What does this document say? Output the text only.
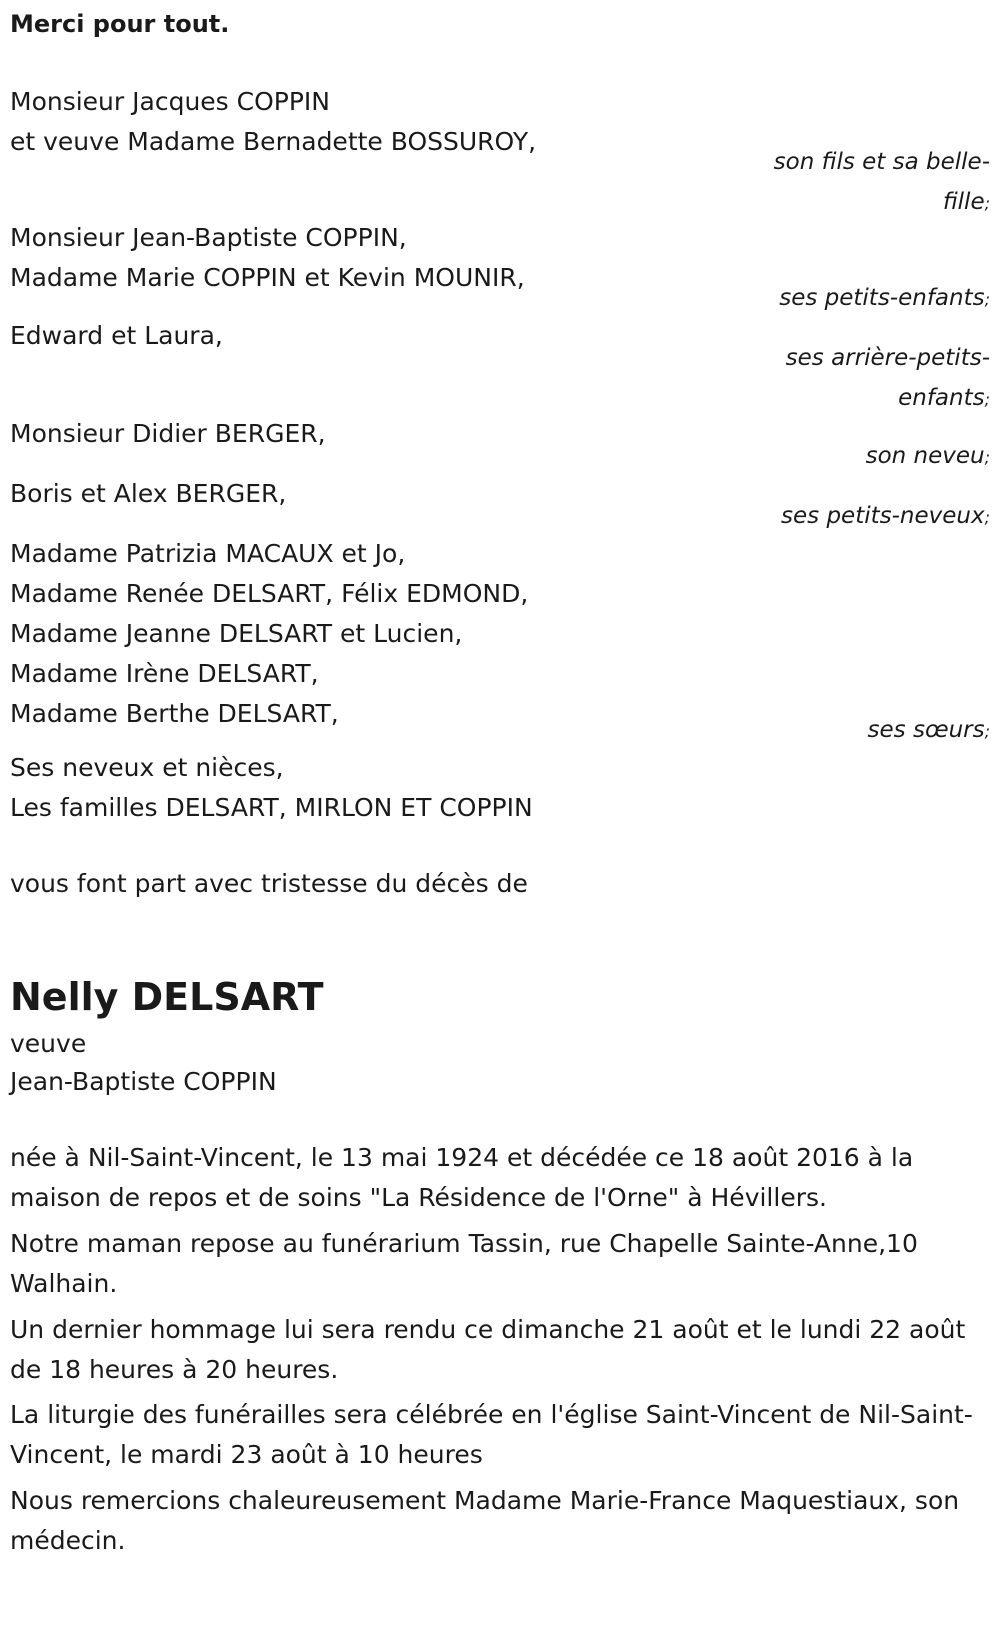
Merci pour tout.
Monsieur Jacques COPPIN
et veuve Madame Bernadette BOSSUROY,
son fils et sa belle-fille;
Monsieur Jean-Baptiste COPPIN,
Madame Marie COPPIN et Kevin MOUNIR,
ses petits-enfants;
Edward et Laura,
ses arrière-petits-enfants;
Monsieur Didier BERGER,
son neveu;
Boris et Alex BERGER,
ses petits-neveux;
Madame Patrizia MACAUX et Jo,
Madame Renée DELSART, Félix EDMOND,
Madame Jeanne DELSART et Lucien,
Madame Irène DELSART,
Madame Berthe DELSART,
ses sœurs;
Ses neveux et nièces,
Les familles DELSART, MIRLON ET COPPIN
vous font part avec tristesse du décès de
Nelly DELSART
veuve
Jean-Baptiste COPPIN
née à Nil-Saint-Vincent, le 13 mai 1924 et décédée ce 18 août 2016 à la maison de repos et de soins "La Résidence de l'Orne" à Hévillers.
Notre maman repose au funérarium Tassin, rue Chapelle Sainte-Anne,10 Walhain.
Un dernier hommage lui sera rendu ce dimanche 21 août et le lundi 22 août de 18 heures à 20 heures.
La liturgie des funérailles sera célébrée en l'église Saint-Vincent de Nil-Saint-Vincent, le mardi 23 août à 10 heures
Nous remercions chaleureusement Madame Marie-France Maquestiaux, son médecin.
